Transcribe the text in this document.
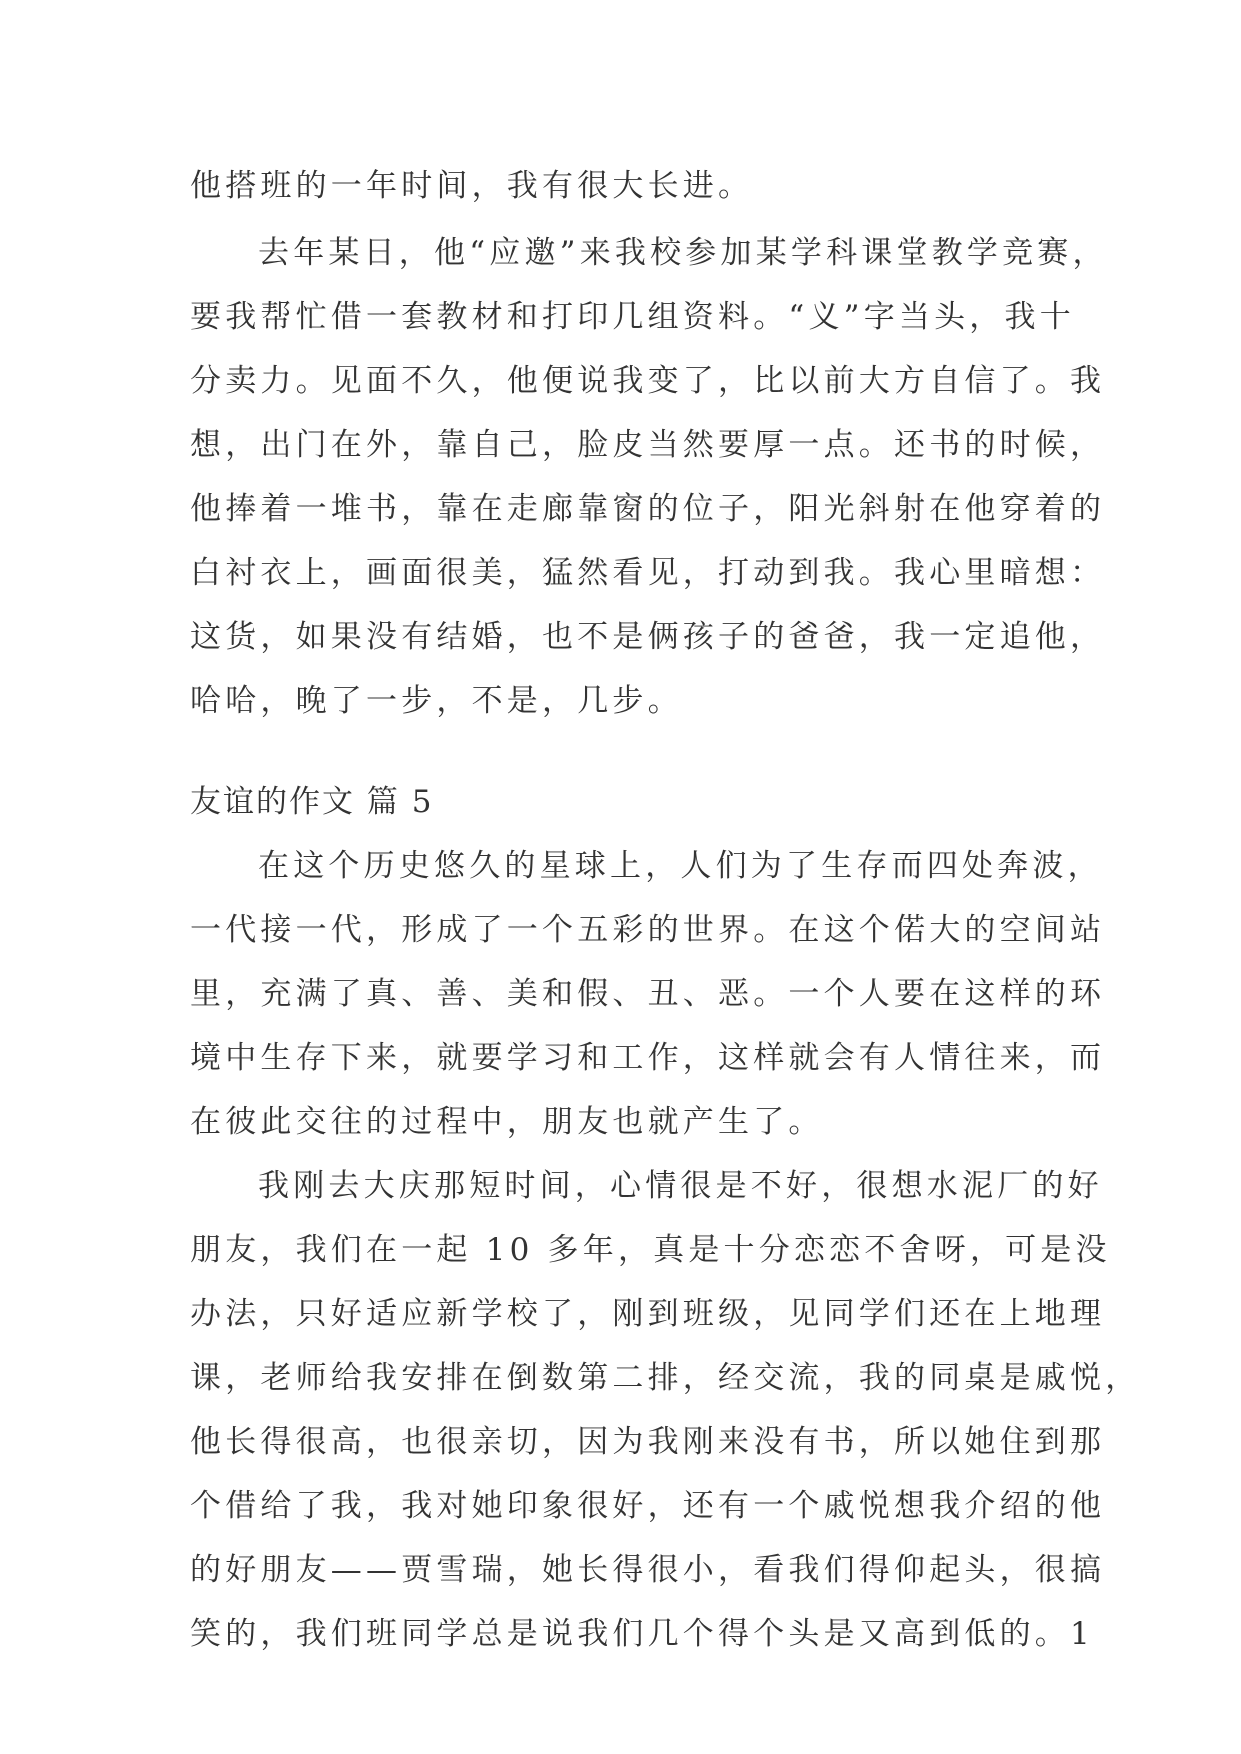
他搭班的一年时间，我有很大长进。
去年某日，他“应邀”来我校参加某学科课堂教学竞赛，
要我帮忙借一套教材和打印几组资料。“义”字当头，我十
分卖力。见面不久，他便说我变了，比以前大方自信了。我
想，出门在外，靠自己，脸皮当然要厚一点。还书的时候，
他捧着一堆书，靠在走廊靠窗的位子，阳光斜射在他穿着的
白衬衣上，画面很美，猛然看见，打动到我。我心里暗想：
这货，如果没有结婚，也不是俩孩子的爸爸，我一定追他，
哈哈，晚了一步，不是，几步。
友谊的作文 篇 5
在这个历史悠久的星球上，人们为了生存而四处奔波，
一代接一代，形成了一个五彩的世界。在这个偌大的空间站
里，充满了真、善、美和假、丑、恶。一个人要在这样的环
境中生存下来，就要学习和工作，这样就会有人情往来，而
在彼此交往的过程中，朋友也就产生了。
我刚去大庆那短时间，心情很是不好，很想水泥厂的好
朋友，我们在一起 10 多年，真是十分恋恋不舍呀，可是没
办法，只好适应新学校了，刚到班级，见同学们还在上地理
课，老师给我安排在倒数第二排，经交流，我的同桌是戚悦，
他长得很高，也很亲切，因为我刚来没有书，所以她住到那
个借给了我，我对她印象很好，还有一个戚悦想我介绍的他
的好朋友——贾雪瑞，她长得很小，看我们得仰起头，很搞
笑的，我们班同学总是说我们几个得个头是又高到低的。1
